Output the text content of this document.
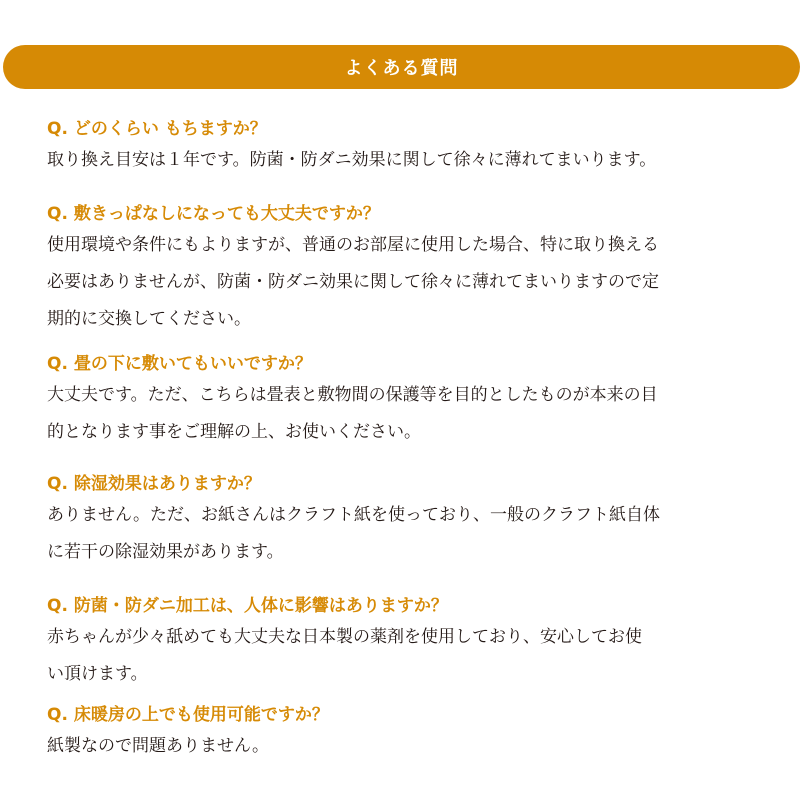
よくある質問

Q. どのくらい もちますか？

取り換え目安は１年です。防菌・防ダニ効果に関して徐々に薄れてまいります。

Q. 敷きっぱなしになっても大丈夫ですか？

使用環境や条件にもよりますが、普通のお部屋に使用した場合、特に取り換える
必要はありませんが、防菌・防ダニ効果に関して徐々に薄れてまいりますので定
期的に交換してください。

Q. 畳の下に敷いてもいいですか？

大丈夫です。ただ、こちらは畳表と敷物間の保護等を目的としたものが本来の目
的となります事をご理解の上、お使いください。

Q. 除湿効果はありますか？

ありません。ただ、お紙さんはクラフト紙を使っており、一般のクラフト紙自体
に若干の除湿効果があります。

Q. 防菌・防ダニ加工は、人体に影響はありますか？

赤ちゃんが少々舐めても大丈夫な日本製の薬剤を使用しており、安心してお使
い頂けます。

Q. 床暖房の上でも使用可能ですか？

紙製なので問題ありません。
